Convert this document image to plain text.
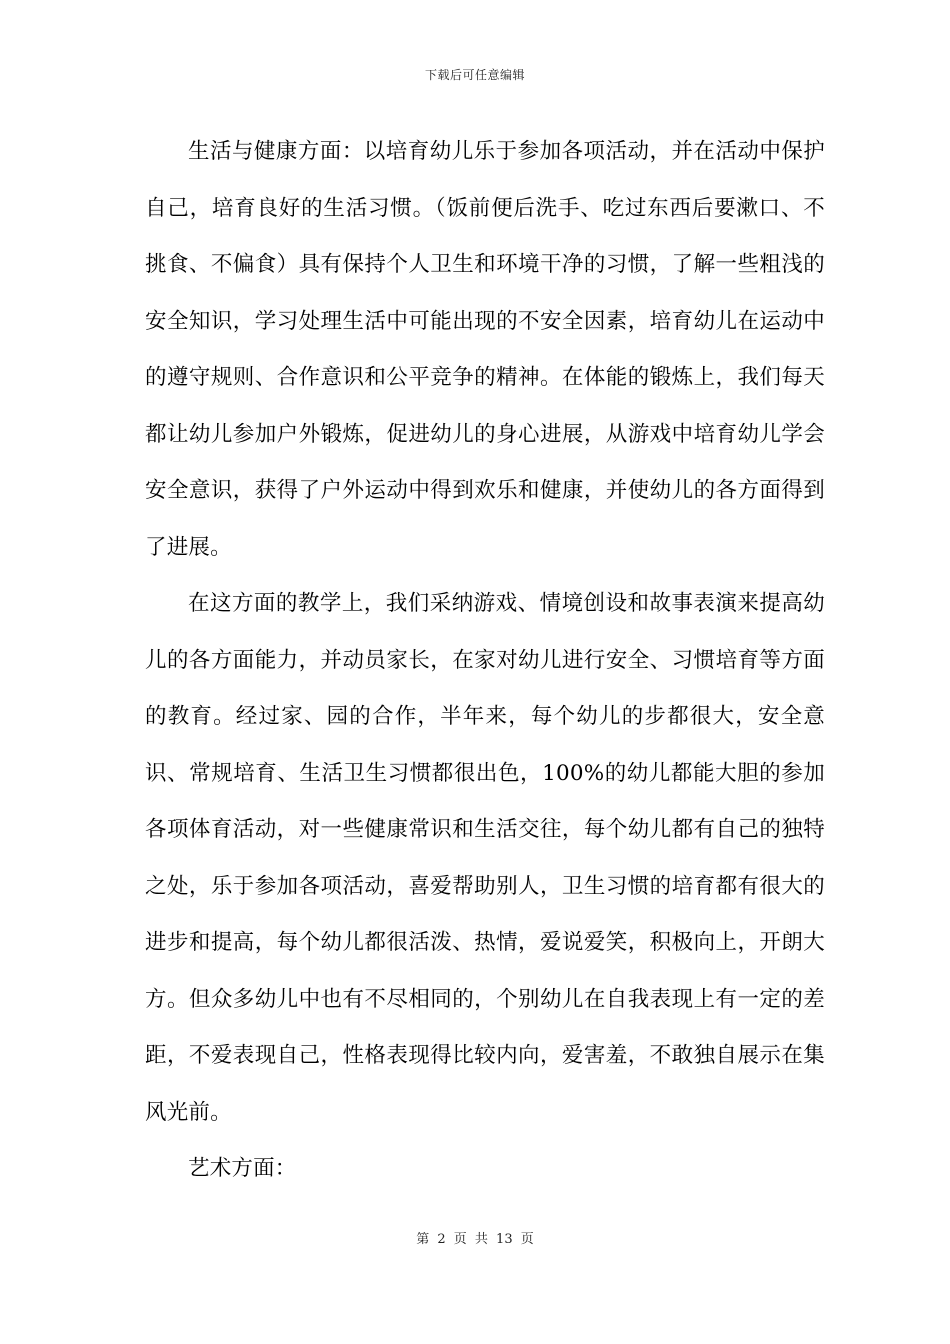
下载后可任意编辑

生活与健康方面：以培育幼儿乐于参加各项活动，并在活动中保护自己，培育良好的生活习惯。（饭前便后洗手、吃过东西后要漱口、不挑食、不偏食）具有保持个人卫生和环境干净的习惯，了解一些粗浅的安全知识，学习处理生活中可能出现的不安全因素，培育幼儿在运动中的遵守规则、合作意识和公平竞争的精神。在体能的锻炼上，我们每天都让幼儿参加户外锻炼，促进幼儿的身心进展，从游戏中培育幼儿学会安全意识，获得了户外运动中得到欢乐和健康，并使幼儿的各方面得到了进展。

在这方面的教学上，我们采纳游戏、情境创设和故事表演来提高幼儿的各方面能力，并动员家长，在家对幼儿进行安全、习惯培育等方面的教育。经过家、园的合作，半年来，每个幼儿的步都很大，安全意识、常规培育、生活卫生习惯都很出色，100%的幼儿都能大胆的参加各项体育活动，对一些健康常识和生活交往，每个幼儿都有自己的独特之处，乐于参加各项活动，喜爱帮助别人，卫生习惯的培育都有很大的进步和提高，每个幼儿都很活泼、热情，爱说爱笑，积极向上，开朗大方。但众多幼儿中也有不尽相同的，个别幼儿在自我表现上有一定的差距，不爱表现自己，性格表现得比较内向，爱害羞，不敢独自展示在集风光前。

艺术方面：

第 2 页 共 13 页
